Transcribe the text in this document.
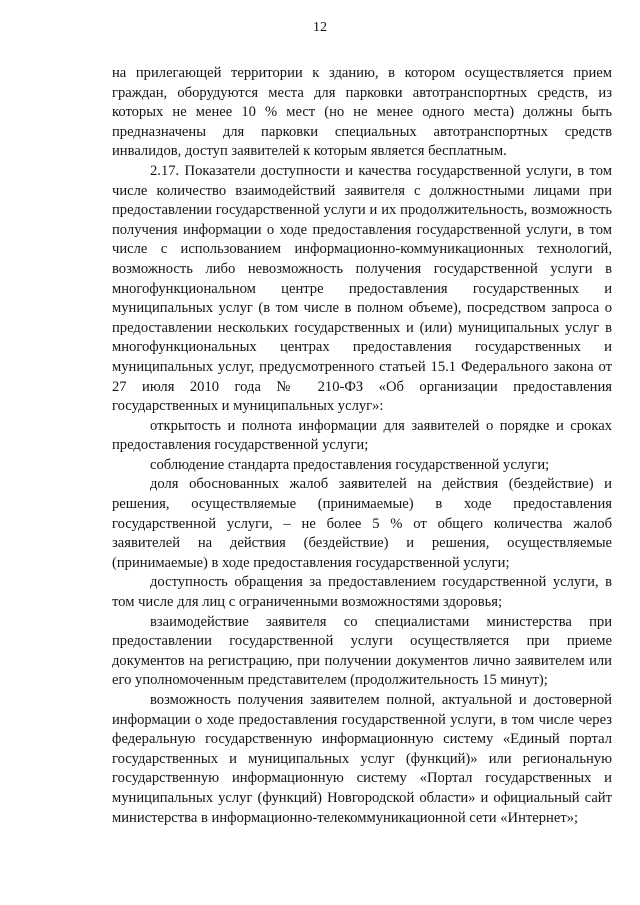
12

на прилегающей территории к зданию, в котором осуществляется прием граждан, оборудуются места для парковки автотранспортных средств, из которых не менее 10 % мест (но не менее одного места) должны быть предназначены для парковки специальных автотранспортных средств инвалидов, доступ заявителей к которым является бесплатным.

2.17. Показатели доступности и качества государственной услуги, в том числе количество взаимодействий заявителя с должностными лицами при предоставлении государственной услуги и их продолжительность, возможность получения информации о ходе предоставления государственной услуги, в том числе с использованием информационно-коммуникационных технологий, возможность либо невозможность получения государственной услуги в многофункциональном центре предоставления государственных и муниципальных услуг (в том числе в полном объеме), посредством запроса о предоставлении нескольких государственных и (или) муниципальных услуг в многофункциональных центрах предоставления государственных и муниципальных услуг, предусмотренного статьей 15.1 Федерального закона от 27 июля 2010 года № 210-ФЗ «Об организации предоставления государственных и муниципальных услуг»:

открытость и полнота информации для заявителей о порядке и сроках предоставления государственной услуги;

соблюдение стандарта предоставления государственной услуги;

доля обоснованных жалоб заявителей на действия (бездействие) и решения, осуществляемые (принимаемые) в ходе предоставления государственной услуги, – не более 5 % от общего количества жалоб заявителей на действия (бездействие) и решения, осуществляемые (принимаемые) в ходе предоставления государственной услуги;

доступность обращения за предоставлением государственной услуги, в том числе для лиц с ограниченными возможностями здоровья;

взаимодействие заявителя со специалистами министерства при предоставлении государственной услуги осуществляется при приеме документов на регистрацию, при получении документов лично заявителем или его уполномоченным представителем (продолжительность 15 минут);

возможность получения заявителем полной, актуальной и достоверной информации о ходе предоставления государственной услуги, в том числе через федеральную государственную информационную систему «Единый портал государственных и муниципальных услуг (функций)» или региональную государственную информационную систему «Портал государственных и муниципальных услуг (функций) Новгородской области» и официальный сайт министерства в информационно-телекоммуникационной сети «Интернет»;
